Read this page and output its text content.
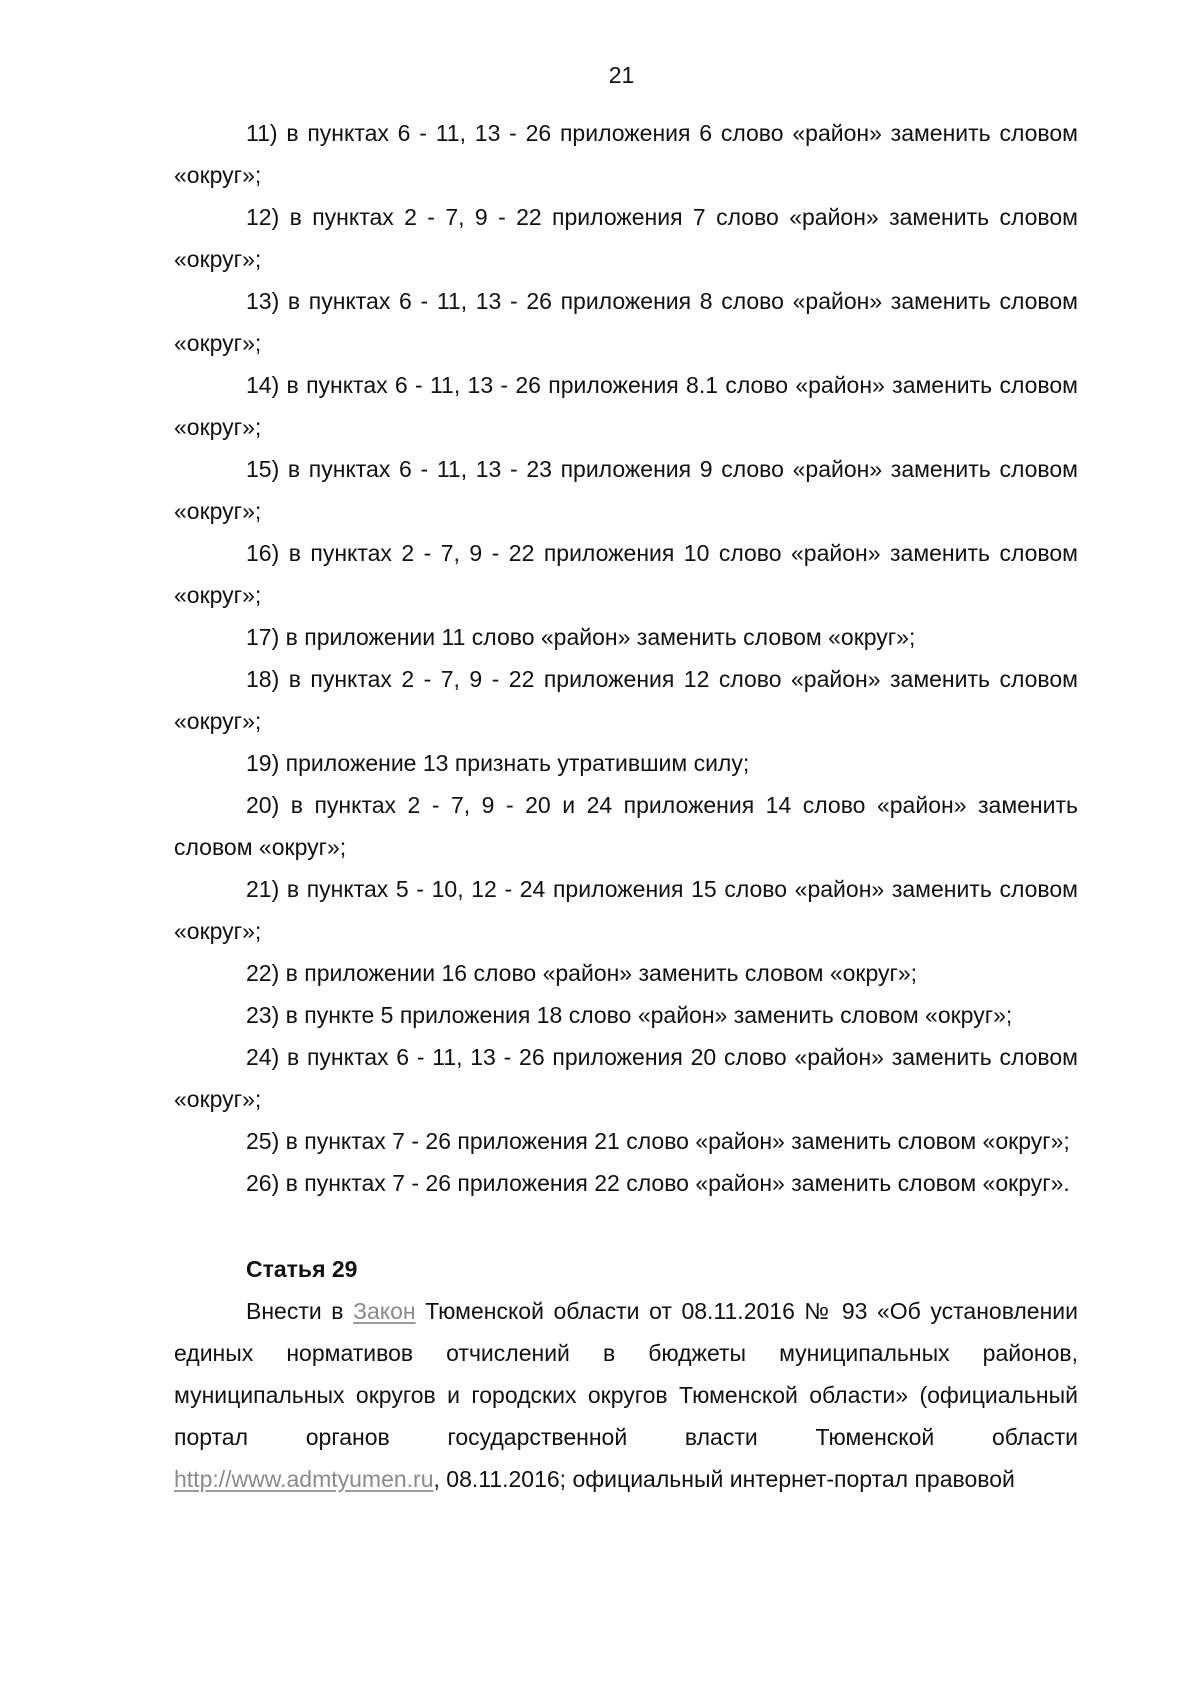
21

11) в пунктах 6 - 11, 13 - 26 приложения 6 слово «район» заменить словом «округ»;

12) в пунктах 2 - 7, 9 - 22 приложения 7 слово «район» заменить словом «округ»;

13) в пунктах 6 - 11, 13 - 26 приложения 8 слово «район» заменить словом «округ»;

14) в пунктах 6 - 11, 13 - 26 приложения 8.1 слово «район» заменить словом «округ»;

15) в пунктах 6 - 11, 13 - 23 приложения 9 слово «район» заменить словом «округ»;

16) в пунктах 2 - 7, 9 - 22 приложения 10 слово «район» заменить словом «округ»;

17) в приложении 11 слово «район» заменить словом «округ»;

18) в пунктах 2 - 7, 9 - 22 приложения 12 слово «район» заменить словом «округ»;

19) приложение 13 признать утратившим силу;

20) в пунктах 2 - 7, 9 - 20 и 24 приложения 14 слово «район» заменить словом «округ»;

21) в пунктах 5 - 10, 12 - 24 приложения 15 слово «район» заменить словом «округ»;

22) в приложении 16 слово «район» заменить словом «округ»;

23) в пункте 5 приложения 18 слово «район» заменить словом «округ»;

24) в пунктах 6 - 11, 13 - 26 приложения 20 слово «район» заменить словом «округ»;

25) в пунктах 7 - 26 приложения 21 слово «район» заменить словом «округ»;

26) в пунктах 7 - 26 приложения 22 слово «район» заменить словом «округ».

Статья 29

Внести в Закон Тюменской области от 08.11.2016 № 93 «Об установлении единых нормативов отчислений в бюджеты муниципальных районов, муниципальных округов и городских округов Тюменской области» (официальный портал органов государственной власти Тюменской области http://www.admtyumen.ru, 08.11.2016; официальный интернет-портал правовой
